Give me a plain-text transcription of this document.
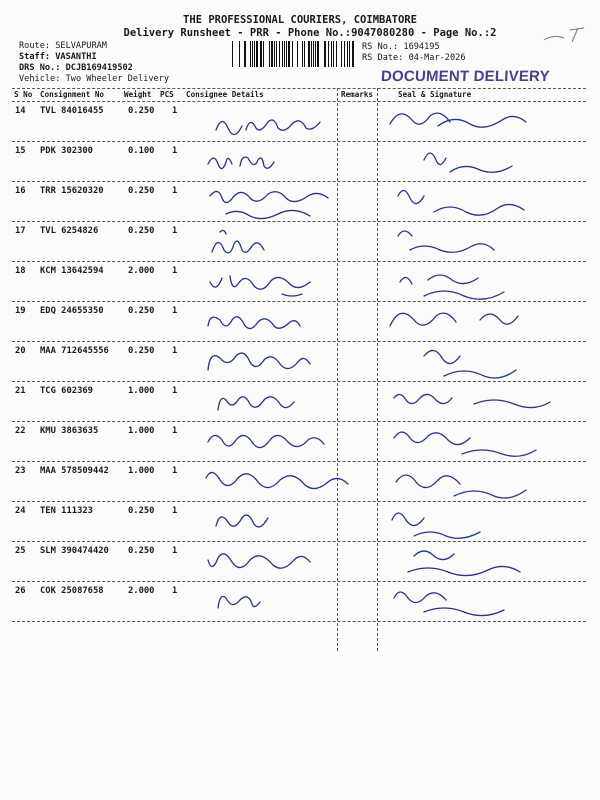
THE PROFESSIONAL COURIERS, COIMBATORE
Delivery Runsheet - PRR - Phone No.:9047080280 - Page No.:2
Route: SELVAPURAM
Staff: VASANTHI
DRS No.: DCJB169419502
Vehicle: Two Wheeler Delivery
RS No.: 1694195
RS Date: 04-Mar-2026
DOCUMENT DELIVERY
S No Consignment No	Weight PCS Consignee Details	Remarks	Seal & Signature
14 TVL 84016455	0.250 1
15 PDK 302300	0.100 1
16 TRR 15620320	0.250 1
17 TVL 6254826	0.250 1
18 KCM 13642594	2.000 1
19 EDQ 24655350	0.250 1
20 MAA 712645556 0.250 1
21 TCG 602369	1.000 1
22 KMU 3863635	1.000 1
23 MAA 578509442 1.000 1
24 TEN 111323	0.250 1
25 SLM 390474420 0.250 1
26 COK 25087658	2.000 1
